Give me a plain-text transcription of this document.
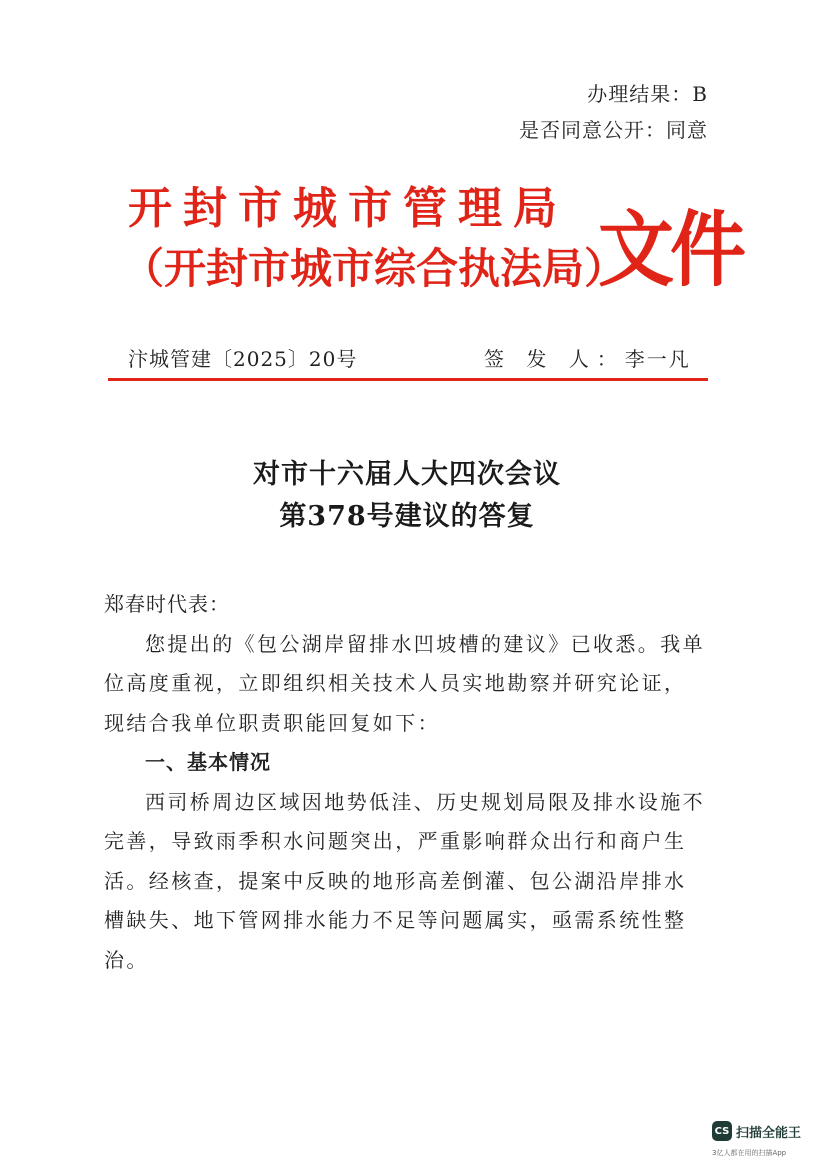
办理结果：B
是否同意公开：同意
开封市城市管理局
（开封市城市综合执法局）
文件
汴城管建〔2025〕20号	签 发 人：李一凡
对市十六届人大四次会议
第378号建议的答复

郑春时代表：

您提出的《包公湖岸留排水凹坡槽的建议》已收悉。我单位高度重视，立即组织相关技术人员实地勘察并研究论证，现结合我单位职责职能回复如下：

一、基本情况

西司桥周边区域因地势低洼、历史规划局限及排水设施不完善，导致雨季积水问题突出，严重影响群众出行和商户生活。经核查，提案中反映的地形高差倒灌、包公湖沿岸排水槽缺失、地下管网排水能力不足等问题属实，亟需系统性整治。

CS 扫描全能王
3亿人都在用的扫描App
